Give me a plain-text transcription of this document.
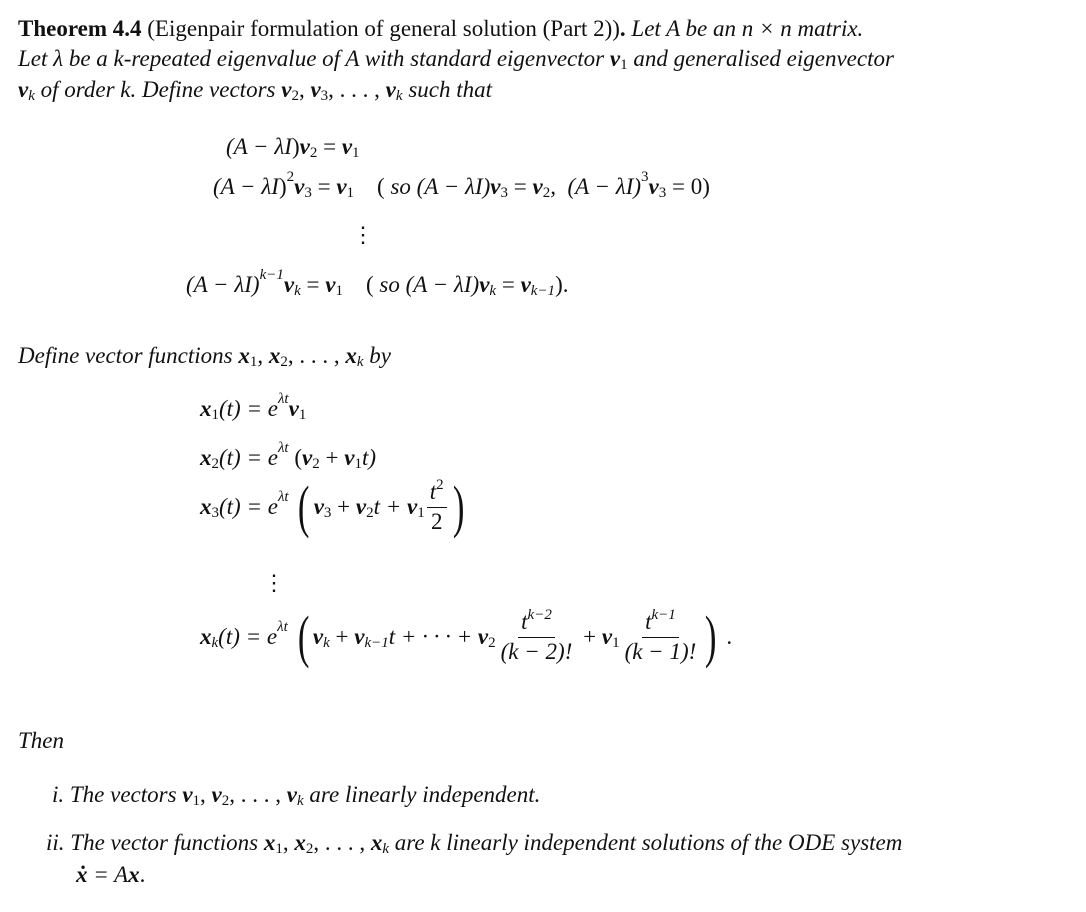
Theorem 4.4 (Eigenpair formulation of general solution (Part 2)) . Let A be an n × n matrix.
Let λ be a k-repeated eigenvalue of A with standard eigenvector v 1 and generalised eigenvector
v k of order k. Define vectors v 2 , v 3 , . . . , v k such that
(A − λ I ) v 2 = v 1
(A − λ I ) 2 v 3 = v 1 ( so (A − λI) v 3 = v 2 ,  (A − λI) 3 v 3 = 0)
⋮
(A − λI) k−1 v k = v 1 ( so (A − λI) v k = v k−1 ).
Define vector functions x 1 , x 2 , . . . , x k by
x 1 (t) = e λt v 1
x 2 (t) = e λt ( v 2 + v 1 t)
x 3 (t) = e λt
( v 3 + v 2 t + v $1 \frac{t^2}{2}$ )
⋮
x k (t) = e λt
( v k + v k−1 t + · · · + v $2 \frac{t^{k-2}}{(k - 2)!} + v$ $1 \frac{t^{k-1}}{(k - 1)!}$ ) .
Then
i. The vectors v 1 , v 2 , . . . , v k are linearly independent.
ii. The vector functions x 1 , x 2 , . . . , x k are k linearly independent solutions of the ODE system
ẋ = A x .
